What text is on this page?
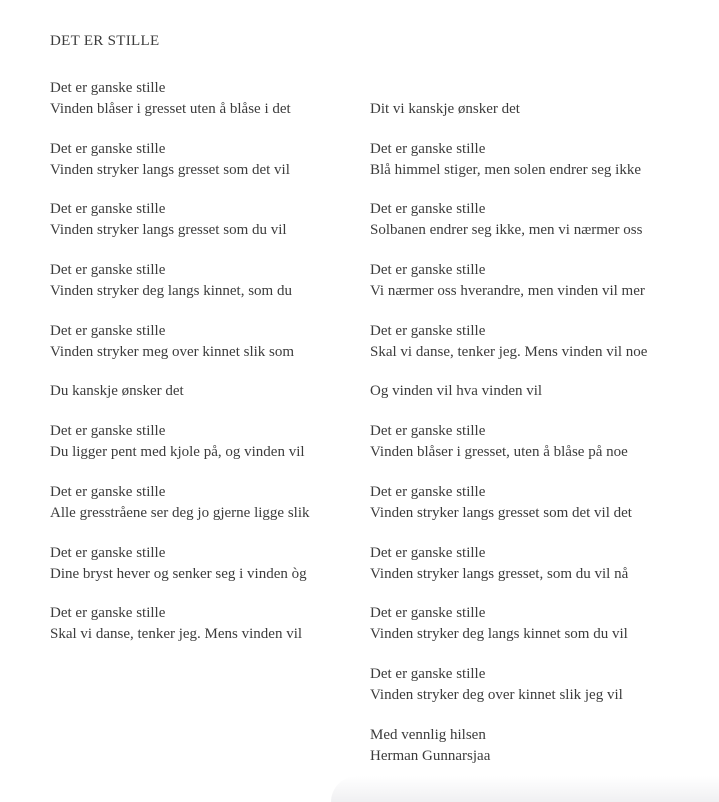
DET ER STILLE

Det er ganske stille
Vinden blåser i gresset uten å blåse i det

Det er ganske stille
Vinden stryker langs gresset som det vil

Det er ganske stille
Vinden stryker langs gresset som du vil

Det er ganske stille
Vinden stryker deg langs kinnet, som du

Det er ganske stille
Vinden stryker meg over kinnet slik som

Du kanskje ønsker det

Det er ganske stille
Du ligger pent med kjole på, og vinden vil

Det er ganske stille
Alle gresstråene ser deg jo gjerne ligge slik

Det er ganske stille
Dine bryst hever og senker seg i vinden òg

Det er ganske stille
Skal vi danse, tenker jeg. Mens vinden vil

Dit vi kanskje ønsker det

Det er ganske stille
Blå himmel stiger, men solen endrer seg ikke

Det er ganske stille
Solbanen endrer seg ikke, men vi nærmer oss

Det er ganske stille
Vi nærmer oss hverandre, men vinden vil mer

Det er ganske stille
Skal vi danse, tenker jeg. Mens vinden vil noe

Og vinden vil hva vinden vil

Det er ganske stille
Vinden blåser i gresset, uten å blåse på noe

Det er ganske stille
Vinden stryker langs gresset som det vil det

Det er ganske stille
Vinden stryker langs gresset, som du vil nå

Det er ganske stille
Vinden stryker deg langs kinnet som du vil

Det er ganske stille
Vinden stryker deg over kinnet slik jeg vil

Med vennlig hilsen
Herman Gunnarsjaa
